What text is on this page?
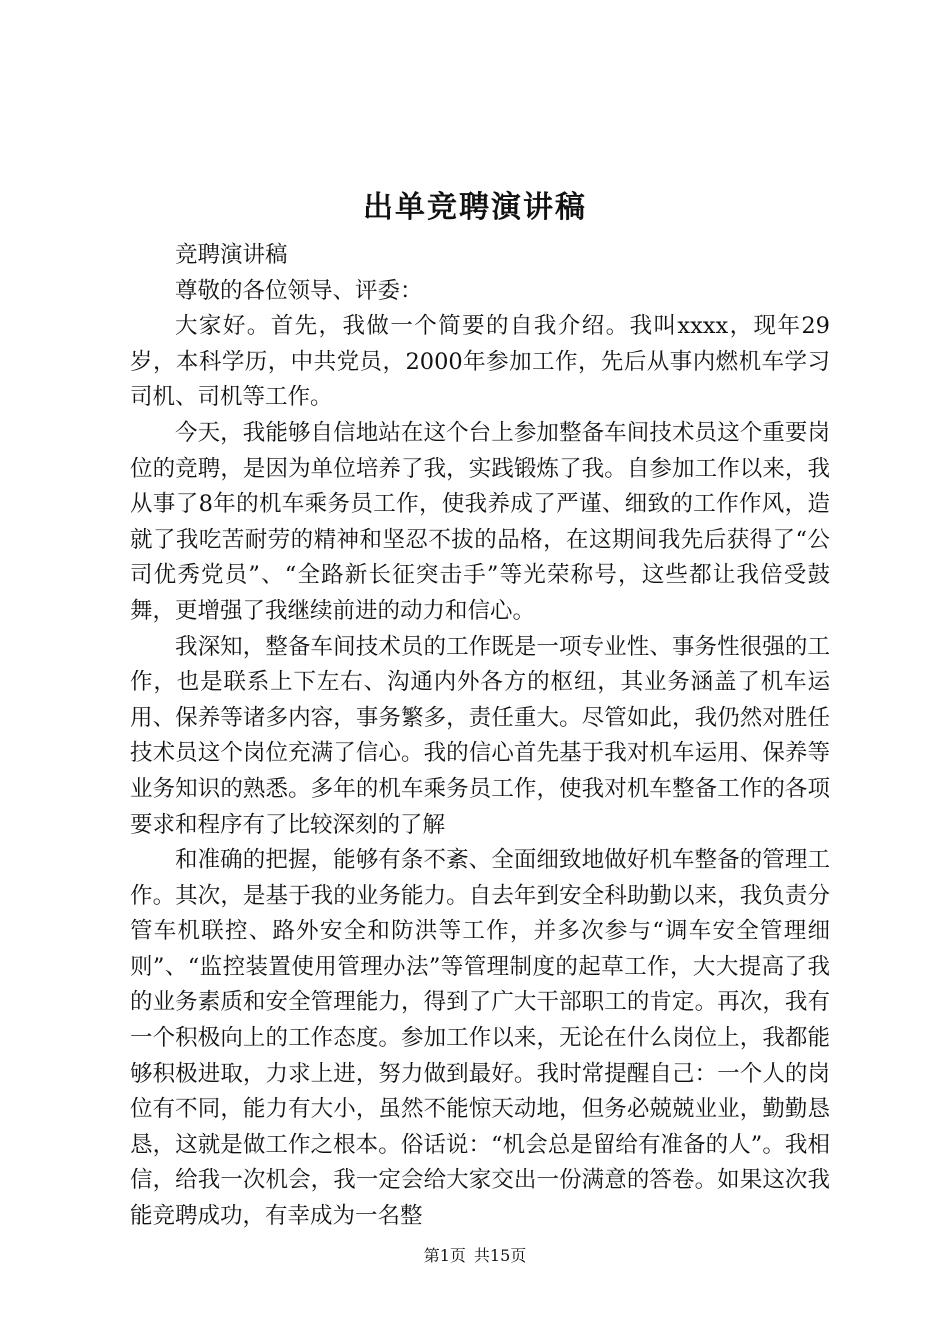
出单竞聘演讲稿

竞聘演讲稿

尊敬的各位领导、评委：

大家好。首先，我做一个简要的自我介绍。我叫xxxx，现年29岁，本科学历，中共党员，2000年参加工作，先后从事内燃机车学习司机、司机等工作。

今天，我能够自信地站在这个台上参加整备车间技术员这个重要岗位的竞聘，是因为单位培养了我，实践锻炼了我。自参加工作以来，我从事了8年的机车乘务员工作，使我养成了严谨、细致的工作作风，造就了我吃苦耐劳的精神和坚忍不拔的品格，在这期间我先后获得了“公司优秀党员”、“全路新长征突击手”等光荣称号，这些都让我倍受鼓舞，更增强了我继续前进的动力和信心。

我深知，整备车间技术员的工作既是一项专业性、事务性很强的工作，也是联系上下左右、沟通内外各方的枢纽，其业务涵盖了机车运用、保养等诸多内容，事务繁多，责任重大。尽管如此，我仍然对胜任技术员这个岗位充满了信心。我的信心首先基于我对机车运用、保养等业务知识的熟悉。多年的机车乘务员工作，使我对机车整备工作的各项要求和程序有了比较深刻的了解

和准确的把握，能够有条不紊、全面细致地做好机车整备的管理工作。其次，是基于我的业务能力。自去年到安全科助勤以来，我负责分管车机联控、路外安全和防洪等工作，并多次参与“调车安全管理细则”、“监控装置使用管理办法”等管理制度的起草工作，大大提高了我的业务素质和安全管理能力，得到了广大干部职工的肯定。再次，我有一个积极向上的工作态度。参加工作以来，无论在什么岗位上，我都能够积极进取，力求上进，努力做到最好。我时常提醒自己：一个人的岗位有不同，能力有大小，虽然不能惊天动地，但务必兢兢业业，勤勤恳恳，这就是做工作之根本。俗话说：“机会总是留给有准备的人”。我相信，给我一次机会，我一定会给大家交出一份满意的答卷。如果这次我能竞聘成功，有幸成为一名整

第1页 共15页
